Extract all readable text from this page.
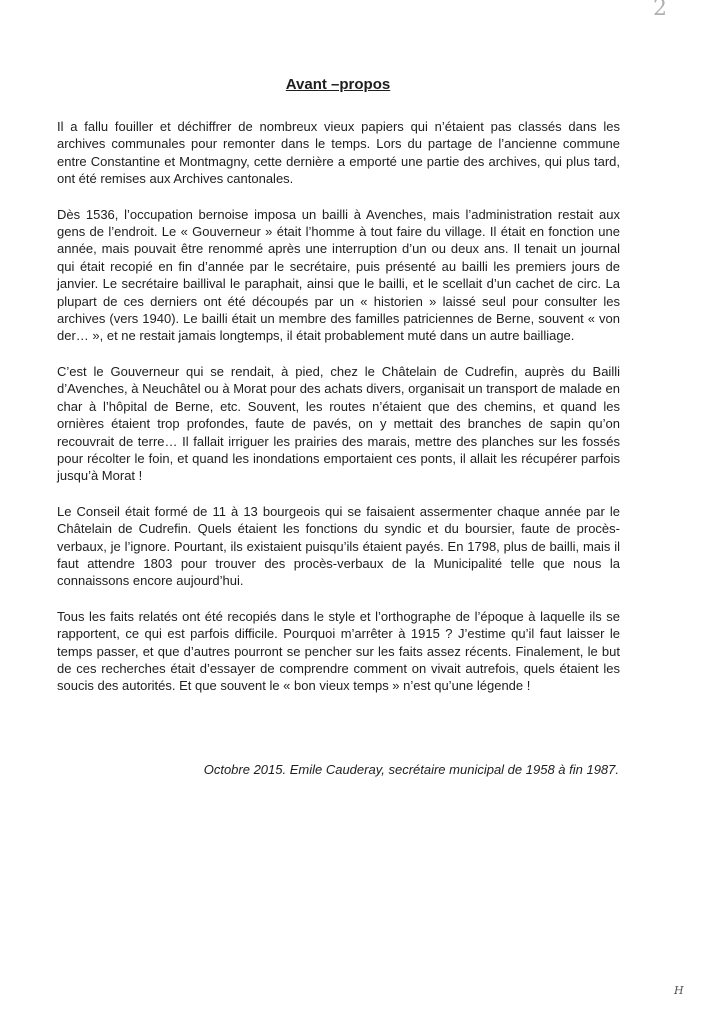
2
Avant –propos

Il a fallu fouiller et déchiffrer de nombreux vieux papiers qui n’étaient pas classés dans les archives communales pour remonter dans le temps. Lors du partage de l’ancienne commune entre Constantine et Montmagny, cette dernière a emporté une partie des archives, qui plus tard, ont été remises aux Archives cantonales.

Dès 1536, l’occupation bernoise imposa un bailli à Avenches, mais l’administration restait aux gens de l’endroit. Le « Gouverneur » était l’homme à tout faire du village. Il était en fonction une année, mais pouvait être renommé après une interruption d’un ou deux ans. Il tenait un journal qui était recopié en fin d’année par le secrétaire, puis présenté au bailli les premiers jours de janvier. Le secrétaire baillival le paraphait, ainsi que le bailli, et le scellait d’un cachet de circ. La plupart de ces derniers ont été découpés par un « historien » laissé seul pour consulter les archives (vers 1940). Le bailli était un membre des familles patriciennes de Berne, souvent « von der… », et ne restait jamais longtemps, il était probablement muté dans un autre bailliage.

C’est le Gouverneur qui se rendait, à pied, chez le Châtelain de Cudrefin, auprès du Bailli d’Avenches, à Neuchâtel ou à Morat pour des achats divers, organisait un transport de malade en char à l’hôpital de Berne, etc. Souvent, les routes n’étaient que des chemins, et quand les ornières étaient trop profondes, faute de pavés, on y mettait des branches de sapin qu’on recouvrait de terre… Il fallait irriguer les prairies des marais, mettre des planches sur les fossés pour récolter le foin, et quand les inondations emportaient ces ponts, il allait les récupérer parfois jusqu’à Morat !

Le Conseil était formé de 11 à 13 bourgeois qui se faisaient assermenter chaque année par le Châtelain de Cudrefin. Quels étaient les fonctions du syndic et du boursier, faute de procès-verbaux, je l’ignore. Pourtant, ils existaient puisqu’ils étaient payés. En 1798, plus de bailli, mais il faut attendre 1803 pour trouver des procès-verbaux de la Municipalité telle que nous la connaissons encore aujourd’hui.

Tous les faits relatés ont été recopiés dans le style et l’orthographe de l’époque à laquelle ils se rapportent, ce qui est parfois difficile. Pourquoi m’arrêter à 1915 ? J’estime qu’il faut laisser le temps passer, et que d’autres pourront se pencher sur les faits assez récents. Finalement, le but de ces recherches était d’essayer de comprendre comment on vivait autrefois, quels étaient les soucis des autorités. Et que souvent le « bon vieux temps » n’est qu’une légende !

Octobre 2015. Emile Cauderay, secrétaire municipal de 1958 à fin 1987.
H
